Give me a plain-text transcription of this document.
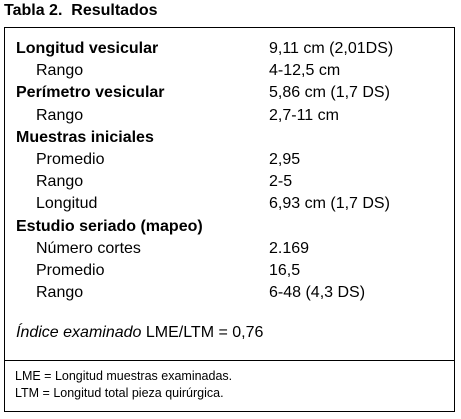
Tabla 2.  Resultados
Longitud vesicular	9,11 cm (2,01DS)
Rango	4-12,5 cm
Perímetro vesicular	5,86 cm (1,7 DS)
Rango	2,7-11 cm
Muestras iniciales
Promedio	2,95
Rango	2-5
Longitud	6,93 cm (1,7 DS)
Estudio seriado (mapeo)
Número cortes	2.169
Promedio	16,5
Rango	6-48 (4,3 DS)
Índice examinado LME/LTM = 0,76
LME = Longitud muestras examinadas.
LTM = Longitud total pieza quirúrgica.
